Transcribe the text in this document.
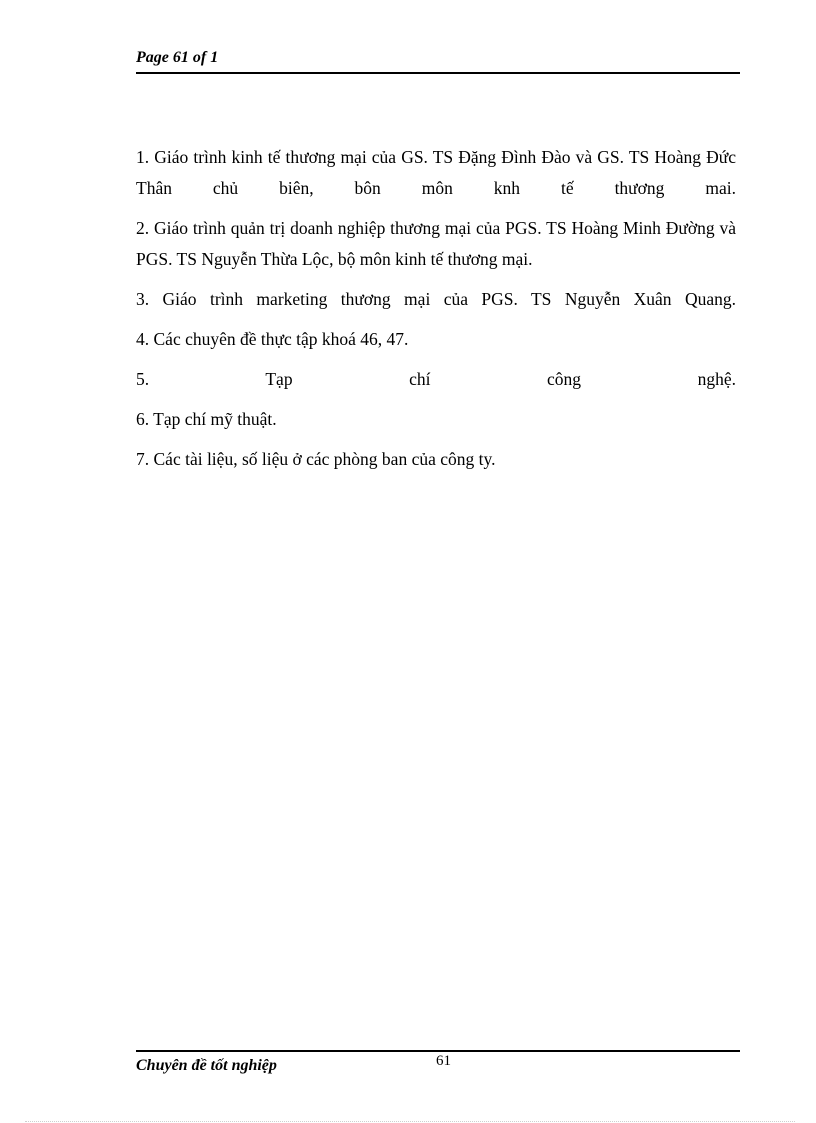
Page 61 of 1

1. Giáo trình kinh tế thương mại của GS. TS Đặng Đình Đào và GS. TS Hoàng Đức Thân chủ biên, bôn môn knh tế thương mai.

2. Giáo trình quản trị doanh nghiệp thương mại của PGS. TS Hoàng Minh Đường và PGS. TS Nguyễn Thừa Lộc, bộ môn kinh tế thương mại.

3. Giáo trình marketing thương mại của PGS. TS Nguyễn Xuân Quang.

4. Các chuyên đề thực tập khoá 46, 47.

5. Tạp chí công nghệ.

6. Tạp chí mỹ thuật.

7. Các tài liệu, số liệu ở các phòng ban của công ty.

Chuyên đề tốt nghiệp	61
